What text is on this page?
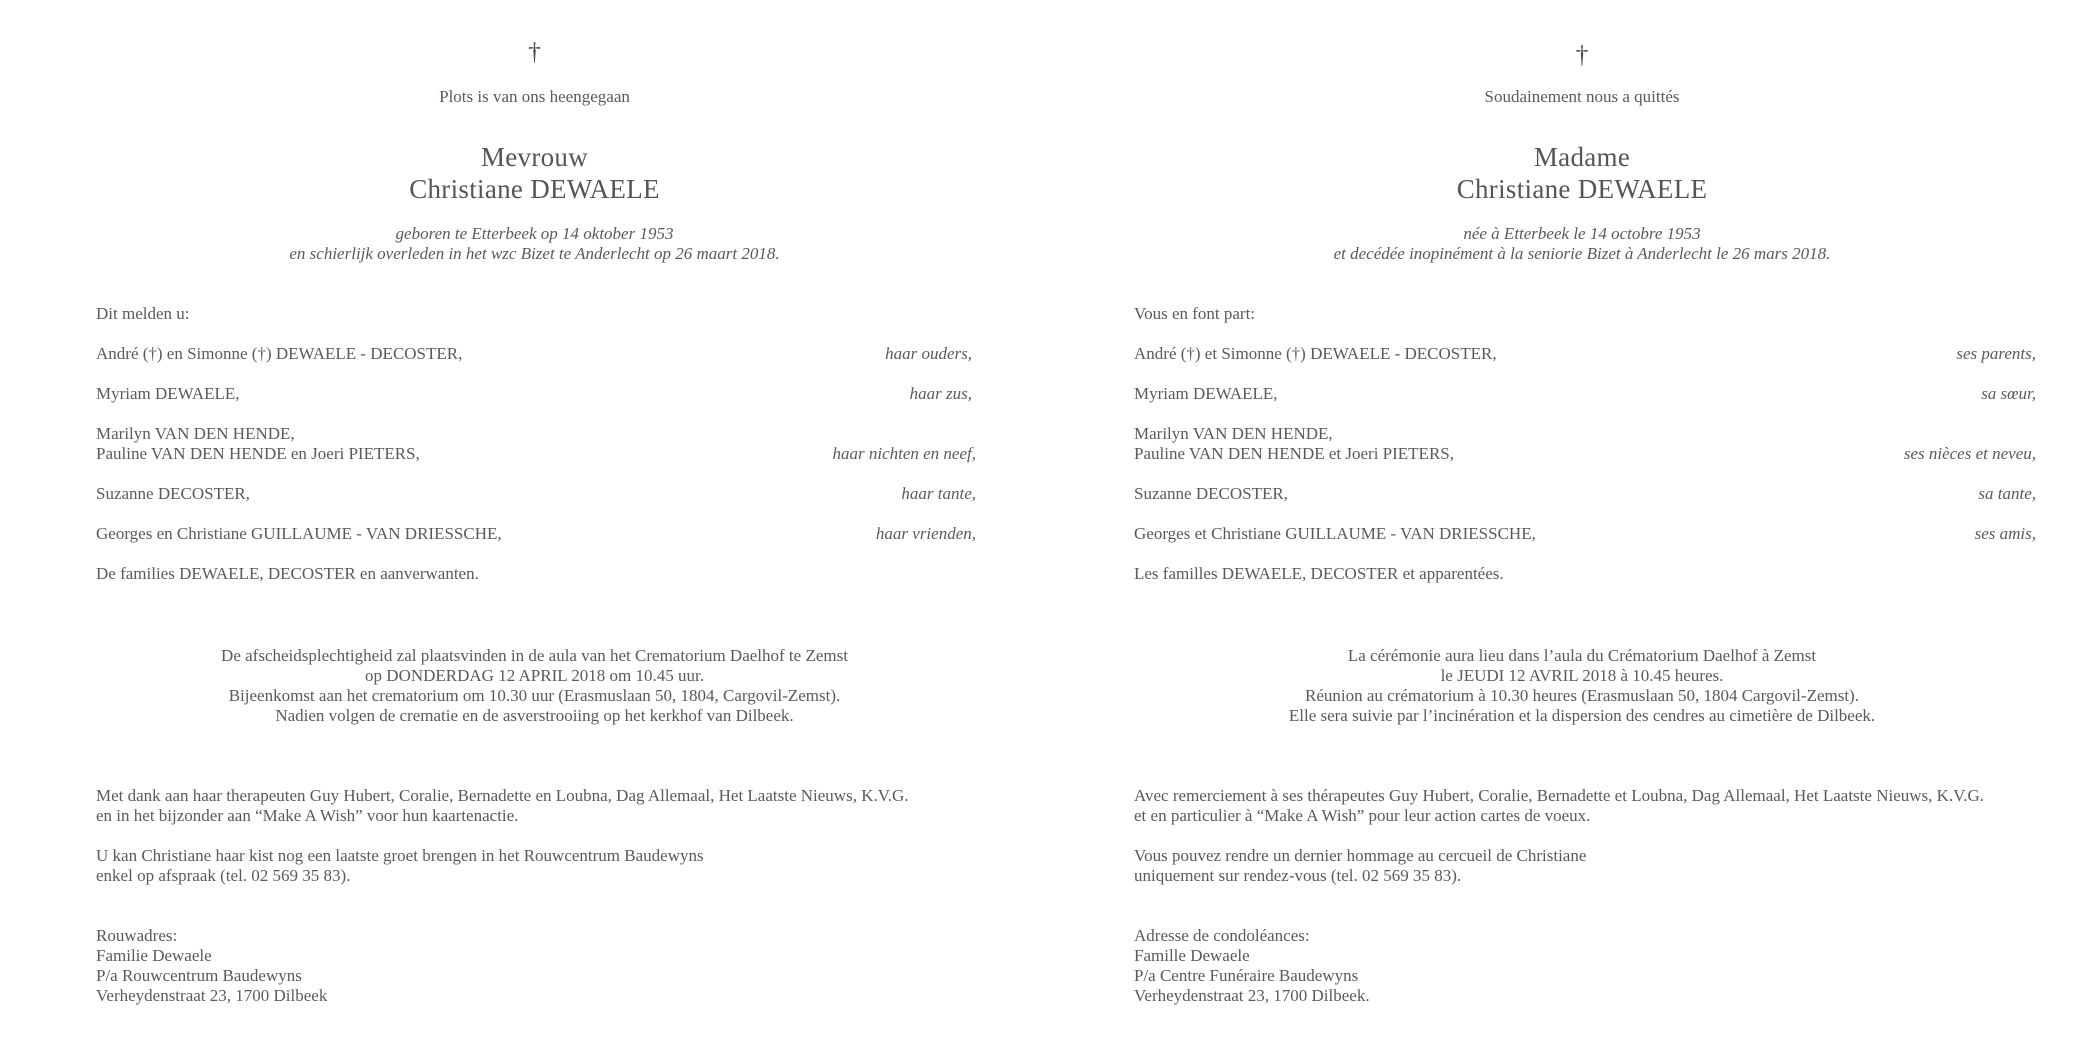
†
Plots is van ons heengegaan
Mevrouw
Christiane DEWAELE
geboren te Etterbeek op 14 oktober 1953
en schierlijk overleden in het wzc Bizet te Anderlecht op 26 maart 2018.
Dit melden u:
André (†) en Simonne (†) DEWAELE - DECOSTER,	haar ouders,
Myriam DEWAELE,	haar zus,
Marilyn VAN DEN HENDE,
Pauline VAN DEN HENDE en Joeri PIETERS,	haar nichten en neef,
Suzanne DECOSTER,	haar tante,
Georges en Christiane GUILLAUME - VAN DRIESSCHE,	haar vrienden,
De families DEWAELE, DECOSTER en aanverwanten.
De afscheidsplechtigheid zal plaatsvinden in de aula van het Crematorium Daelhof te Zemst
op DONDERDAG 12 APRIL 2018 om 10.45 uur.
Bijeenkomst aan het crematorium om 10.30 uur (Erasmuslaan 50, 1804, Cargovil-Zemst).
Nadien volgen de crematie en de asverstrooiing op het kerkhof van Dilbeek.
Met dank aan haar therapeuten Guy Hubert, Coralie, Bernadette en Loubna, Dag Allemaal, Het Laatste Nieuws, K.V.G.
en in het bijzonder aan “Make A Wish” voor hun kaartenactie.
U kan Christiane haar kist nog een laatste groet brengen in het Rouwcentrum Baudewyns
enkel op afspraak (tel. 02 569 35 83).
Rouwadres:
Familie Dewaele
P/a Rouwcentrum Baudewyns
Verheydenstraat 23, 1700 Dilbeek
†
Soudainement nous a quittés
Madame
Christiane DEWAELE
née à Etterbeek le 14 octobre 1953
et decédée inopinément à la seniorie Bizet à Anderlecht le 26 mars 2018.
Vous en font part:
André (†) et Simonne (†) DEWAELE - DECOSTER,	ses parents,
Myriam DEWAELE,	sa sœur,
Marilyn VAN DEN HENDE,
Pauline VAN DEN HENDE et Joeri PIETERS,	ses nièces et neveu,
Suzanne DECOSTER,	sa tante,
Georges et Christiane GUILLAUME - VAN DRIESSCHE,	ses amis,
Les familles DEWAELE, DECOSTER et apparentées.
La cérémonie aura lieu dans l’aula du Crématorium Daelhof à Zemst
le JEUDI 12 AVRIL 2018 à 10.45 heures.
Réunion au crématorium à 10.30 heures (Erasmuslaan 50, 1804 Cargovil-Zemst).
Elle sera suivie par l’incinération et la dispersion des cendres au cimetière de Dilbeek.
Avec remerciement à ses thérapeutes Guy Hubert, Coralie, Bernadette et Loubna, Dag Allemaal, Het Laatste Nieuws, K.V.G.
et en particulier à “Make A Wish” pour leur action cartes de voeux.
Vous pouvez rendre un dernier hommage au cercueil de Christiane
uniquement sur rendez-vous (tel. 02 569 35 83).
Adresse de condoléances:
Famille Dewaele
P/a Centre Funéraire Baudewyns
Verheydenstraat 23, 1700 Dilbeek.
